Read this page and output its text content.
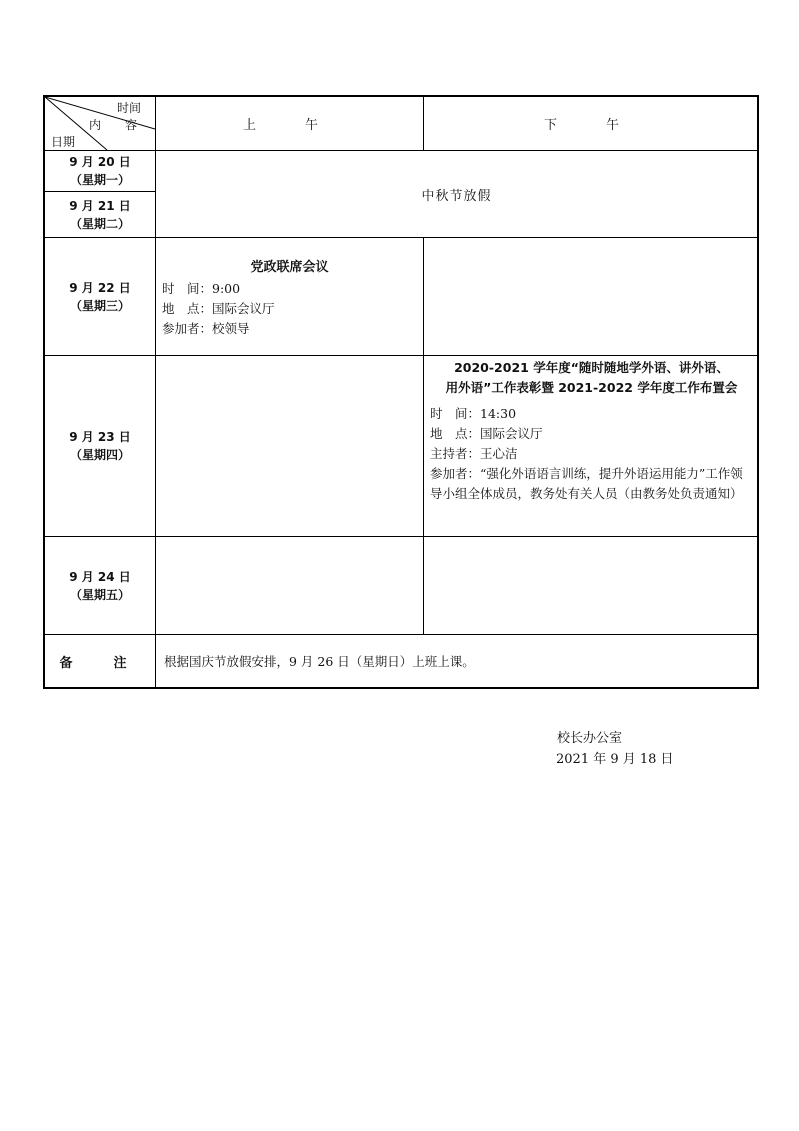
时间
内　　容
日期
上　午	下　午
9 月 20 日
（星期一）
9 月 21 日
（星期二）
9 月 22 日
（星期三）
9 月 23 日
（星期四）
9 月 24 日
（星期五）
中秋节放假
党政联席会议
时　间：9:00
地　点：国际会议厅
参加者：校领导
2020-2021 学年度“随时随地学外语、讲外语、
用外语”工作表彰暨 2021-2022 学年度工作布置会
时　间：14:30
地　点：国际会议厅
主持者：王心洁
参加者：“强化外语语言训练，提升外语运用能力”工作领导小组全体成员，教务处有关人员（由教务处负责通知）
备　注	根据国庆节放假安排，9 月 26 日（星期日）上班上课。
校长办公室
2021 年 9 月 18 日
